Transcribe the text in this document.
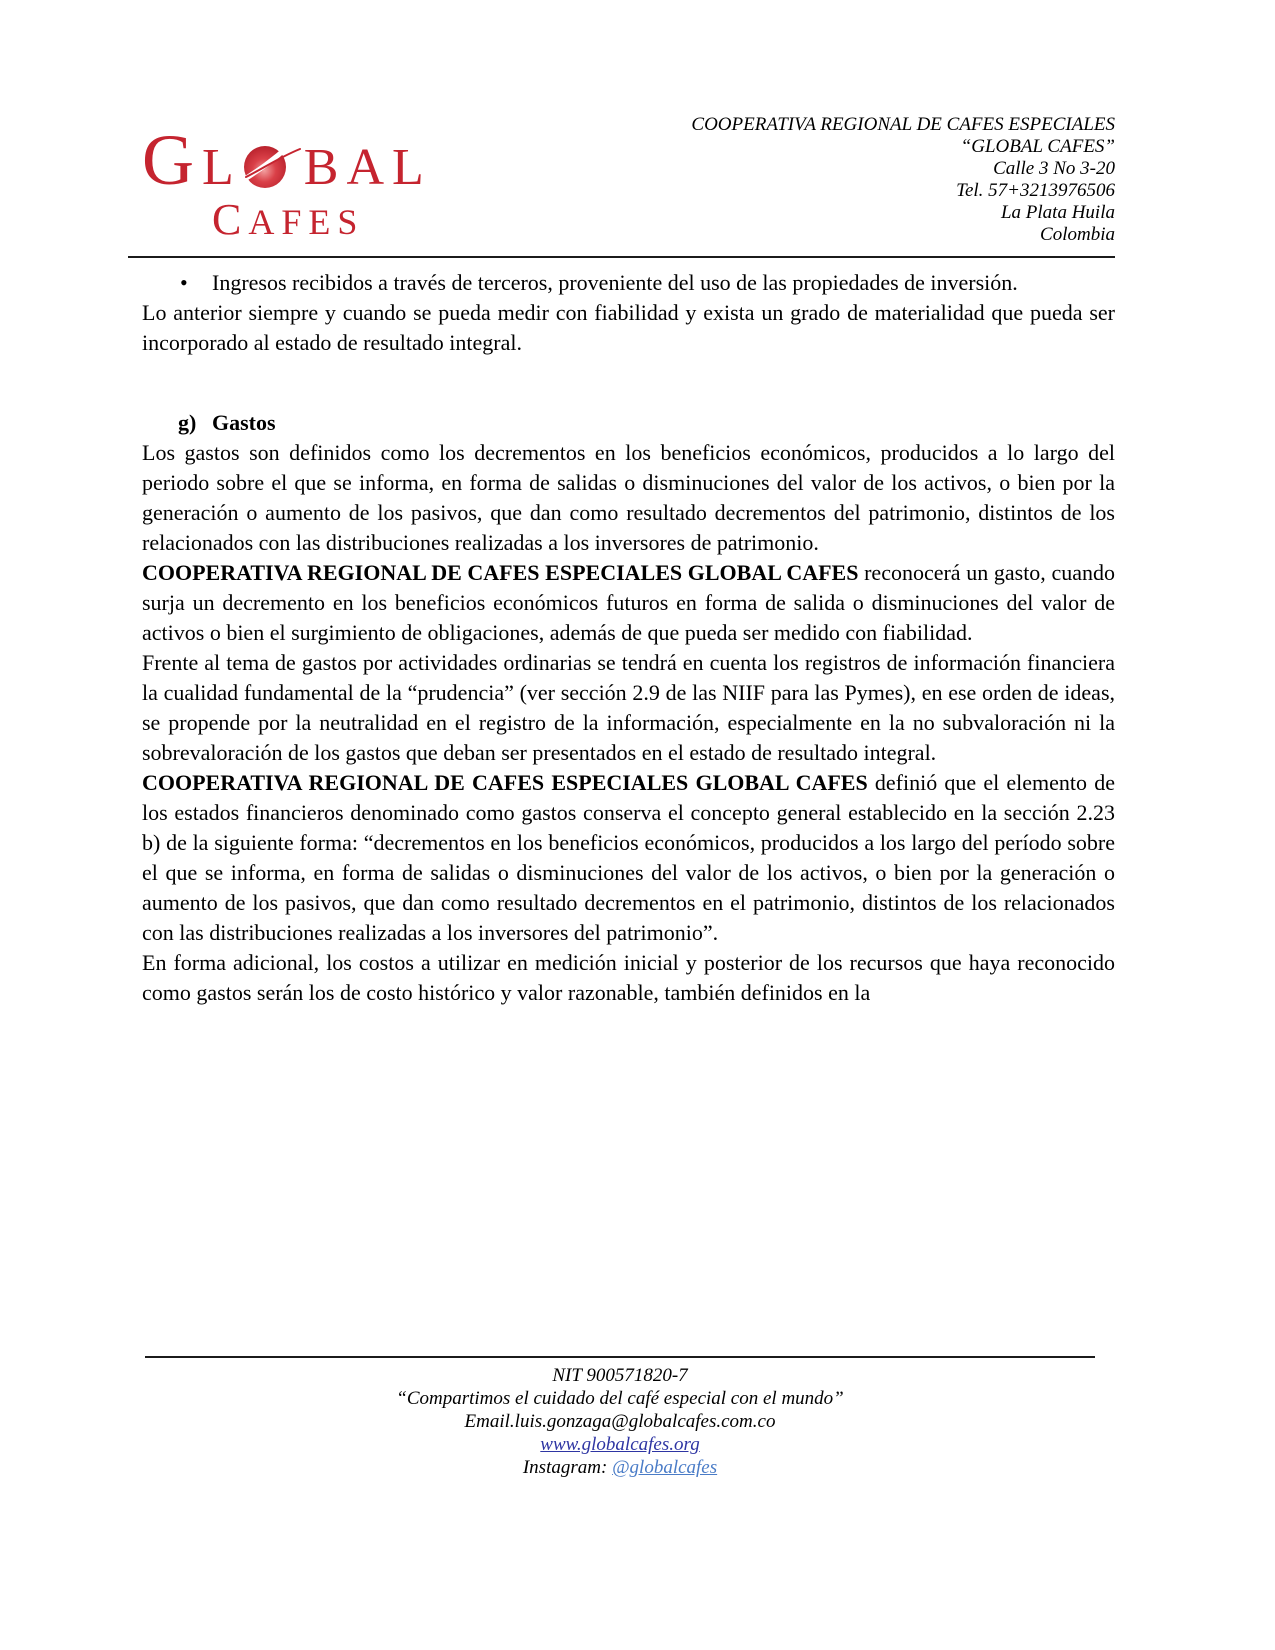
GL BAL
CAFES
COOPERATIVA REGIONAL DE CAFES ESPECIALES
“GLOBAL CAFES”
Calle 3 No 3-20
Tel. 57+3213976506
La Plata Huila
Colombia
•	Ingresos recibidos a través de terceros, proveniente del uso de las propiedades de inversión.

Lo anterior siempre y cuando se pueda medir con fiabilidad y exista un grado de materialidad que pueda ser incorporado al estado de resultado integral.

g) Gastos

Los gastos son definidos como los decrementos en los beneficios económicos, producidos a lo largo del periodo sobre el que se informa, en forma de salidas o disminuciones del valor de los activos, o bien por la generación o aumento de los pasivos, que dan como resultado decrementos del patrimonio, distintos de los relacionados con las distribuciones realizadas a los inversores de patrimonio.

COOPERATIVA REGIONAL DE CAFES ESPECIALES GLOBAL CAFES reconocerá un gasto, cuando surja un decremento en los beneficios económicos futuros en forma de salida o disminuciones del valor de activos o bien el surgimiento de obligaciones, además de que pueda ser medido con fiabilidad.

Frente al tema de gastos por actividades ordinarias se tendrá en cuenta los registros de información financiera la cualidad fundamental de la “prudencia” (ver sección 2.9 de las NIIF para las Pymes), en ese orden de ideas, se propende por la neutralidad en el registro de la información, especialmente en la no subvaloración ni la sobrevaloración de los gastos que deban ser presentados en el estado de resultado integral.

COOPERATIVA REGIONAL DE CAFES ESPECIALES GLOBAL CAFES definió que el elemento de los estados financieros denominado como gastos conserva el concepto general establecido en la sección 2.23 b) de la siguiente forma: “decrementos en los beneficios económicos, producidos a los largo del período sobre el que se informa, en forma de salidas o disminuciones del valor de los activos, o bien por la generación o aumento de los pasivos, que dan como resultado decrementos en el patrimonio, distintos de los relacionados con las distribuciones realizadas a los inversores del patrimonio”.

En forma adicional, los costos a utilizar en medición inicial y posterior de los recursos que haya reconocido como gastos serán los de costo histórico y valor razonable, también definidos en la

NIT 900571820-7
“Compartimos el cuidado del café especial con el mundo”
Email.luis.gonzaga@globalcafes.com.co
www.globalcafes.org
Instagram: @globalcafes
